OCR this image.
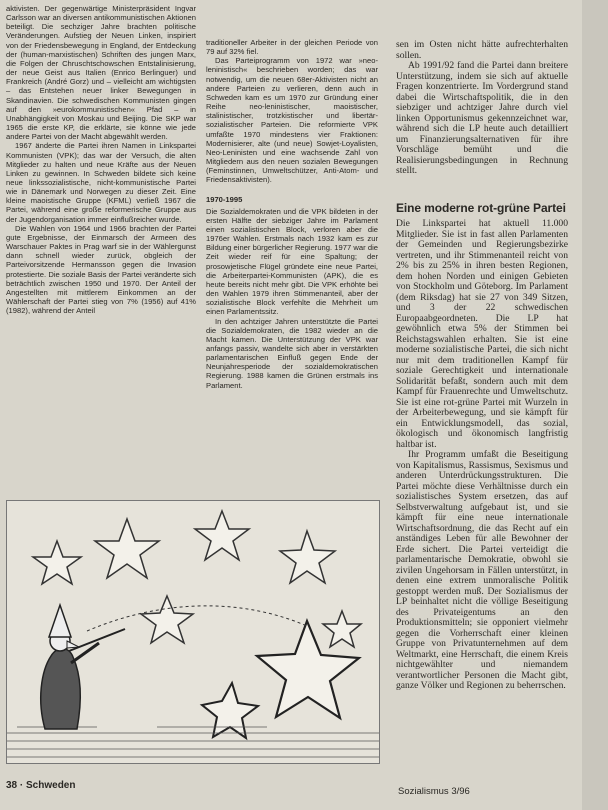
aktivisten. Der gegenwärtige Ministerpräsident Ingvar Carlsson war an diversen antikommunistischen Aktionen beteiligt. Die sechziger Jahre brachten politische Veränderungen. Aufstieg der Neuen Linken, inspiriert von der Friedensbewegung in England, der Entdeckung der (human-marxistischen) Schriften des jungen Marx, die Folgen der Chruschtschowschen Entstalinisierung, der neue Geist aus Italien (Enrico Berlinguer) und Frankreich (André Gorz) und – vielleicht am wichtigsten – das Entstehen neuer linker Bewegungen in Skandinavien. Die schwedischen Kommunisten gingen auf den »eurokommunistischen« Pfad – in Unabhängigkeit von Moskau und Beijing. Die SKP war 1965 die erste KP, die erklärte, sie könne wie jede andere Partei von der Macht abgewählt werden.

1967 änderte die Partei ihren Namen in Linkspartei Kommunisten (VPK); das war der Versuch, die alten Mitglieder zu halten und neue Kräfte aus der Neuen Linken zu gewinnen. In Schweden bildete sich keine neue linkssozialistische, nicht-kommunistische Partei wie in Dänemark und Norwegen zu dieser Zeit. Eine kleine maoistische Gruppe (KFML) verließ 1967 die Partei, während eine große reformerische Gruppe aus der Jugendorganisation immer einflußreicher wurde.

Die Wahlen von 1964 und 1966 brachten der Partei gute Ergebnisse, der Einmarsch der Armeen des Warschauer Paktes in Prag warf sie in der Wählergunst dann schnell wieder zurück, obgleich der Parteivorsitzende Hermansson gegen die Invasion protestierte. Die soziale Basis der Partei veränderte sich beträchtlich zwischen 1950 und 1970. Der Anteil der Angestellten mit mittlerem Einkommen an der Wählerschaft der Partei stieg von 7% (1956) auf 41% (1982), während der Anteil

traditioneller Arbeiter in der gleichen Periode von 79 auf 32% fiel.

Das Parteiprogramm von 1972 war »neo-leninistisch« beschrieben worden; das war notwendig, um die neuen 68er-Aktivisten nicht an andere Parteien zu verlieren, denn auch in Schweden kam es um 1970 zur Gründung einer Reihe neo-leninistischer, maoistischer, stalinistischer, trotzkistischer und libertär-sozialistischer Parteien. Die reformierte VPK umfaßte 1970 mindestens vier Fraktionen: Modernisierer, alte (und neue) Sowjet-Loyalisten, Neo-Leninisten und eine wachsende Zahl von Mitgliedern aus den neuen sozialen Bewegungen (Feminstinnen, Umweltschützer, Anti-Atom- und Friedensaktivisten).

1970-1995

Die Sozialdemokraten und die VPK bildeten in der ersten Hälfte der siebziger Jahre im Parlament einen sozialistischen Block, verloren aber die 1976er Wahlen. Erstmals nach 1932 kam es zur Bildung einer bürgerlicher Regierung. 1977 war die Zeit wieder reif für eine Spaltung; der prosowjetische Flügel gründete eine neue Partei, die Arbeiterpartei-Kommunisten (APK), die es heute bereits nicht mehr gibt. Die VPK erhöhte bei den Wahlen 1979 ihren Stimmenanteil, aber der sozialistische Block verfehlte die Mehrheit um einen Parlamentssitz.

In den achtziger Jahren unterstützte die Partei die Sozialdemokraten, die 1982 wieder an die Macht kamen. Die Unterstützung der VPK war anfangs passiv, wandelte sich aber in verstärkten parlamentarischen Einfluß gegen Ende der Neunjahresperiode der sozialdemokratischen Regierung. 1988 kamen die Grünen erstmals ins Parlament.

sen im Osten nicht hätte aufrechterhalten sollen.

Ab 1991/92 fand die Partei dann breitere Unterstützung, indem sie sich auf aktuelle Fragen konzentrierte. Im Vordergrund stand dabei die Wirtschaftspolitik, die in den siebziger und achtziger Jahre durch viel linken Opportunismus gekennzeichnet war, während sich die LP heute auch detailliert um Finanzierungsalternativen für ihre Vorschläge bemüht und die Realisierungsbedingungen in Rechnung stellt.

Eine moderne rot-grüne Partei

Die Linkspartei hat aktuell 11.000 Mitglieder. Sie ist in fast allen Parlamenten der Gemeinden und Regierungsbezirke vertreten, und ihr Stimmenanteil reicht von 2% bis zu 25% in ihren besten Regionen, dem hohen Norden und einigen Gebieten von Stockholm und Göteborg. Im Parlament (dem Riksdag) hat sie 27 von 349 Sitzen, und 3 der 22 schwedischen Europaabgeordneten. Die LP hat gewöhnlich etwa 5% der Stimmen bei Reichstagswahlen erhalten. Sie ist eine moderne sozialistische Partei, die sich nicht nur mit dem traditionellen Kampf für soziale Gerechtigkeit und internationale Solidarität befaßt, sondern auch mit dem Kampf für Frauenrechte und Umweltschutz. Sie ist eine rot-grüne Partei mit Wurzeln in der Arbeiterbewegung, und sie kämpft für ein Entwicklungsmodell, das sozial, ökologisch und ökonomisch langfristig haltbar ist.

Ihr Programm umfaßt die Beseitigung von Kapitalismus, Rassismus, Sexismus und anderen Unterdrückungsstrukturen. Die Partei möchte diese Verhältnisse durch ein sozialistisches System ersetzen, das auf Selbstverwaltung aufgebaut ist, und sie kämpft für eine neue internationale Wirtschaftsordnung, die das Recht auf ein anständiges Leben für alle Bewohner der Erde sichert. Die Partei verteidigt die parlamentarische Demokratie, obwohl sie zivilen Ungehorsam in Fällen unterstützt, in denen eine extrem unmoralische Politik gestoppt werden muß. Der Sozialismus der LP beinhaltet nicht die völlige Beseitigung des Privateigentums an den Produktionsmitteln; sie opponiert vielmehr gegen die Vorherrschaft einer kleinen Gruppe von Privatunternehmen auf dem Weltmarkt, eine Herrschaft, die einem Kreis nichtgewählter und niemandem verantwortlicher Personen die Macht gibt, ganze Völker und Regionen zu beherrschen.

38 · Schweden
Sozialismus 3/96
